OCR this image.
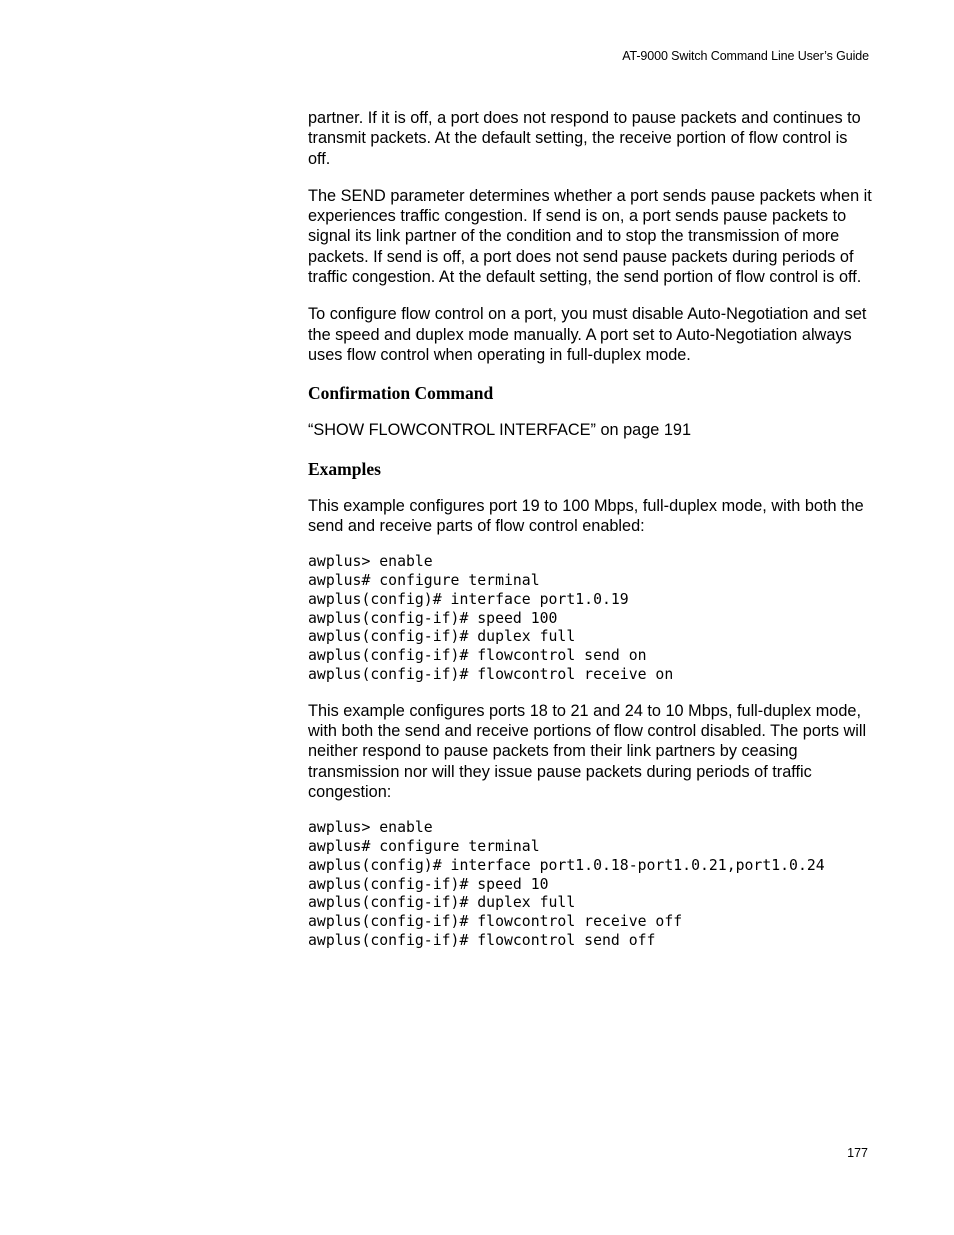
AT-9000 Switch Command Line User’s Guide

partner. If it is off, a port does not respond to pause packets and continues to transmit packets. At the default setting, the receive portion of flow control is off.

The SEND parameter determines whether a port sends pause packets when it experiences traffic congestion. If send is on, a port sends pause packets to signal its link partner of the condition and to stop the transmission of more packets. If send is off, a port does not send pause packets during periods of traffic congestion. At the default setting, the send portion of flow control is off.

To configure flow control on a port, you must disable Auto-Negotiation and set the speed and duplex mode manually. A port set to Auto-Negotiation always uses flow control when operating in full-duplex mode.

Confirmation Command

“SHOW FLOWCONTROL INTERFACE” on page 191

Examples

This example configures port 19 to 100 Mbps, full-duplex mode, with both the send and receive parts of flow control enabled:

awplus> enable
awplus# configure terminal
awplus(config)# interface port1.0.19
awplus(config-if)# speed 100
awplus(config-if)# duplex full
awplus(config-if)# flowcontrol send on
awplus(config-if)# flowcontrol receive on

This example configures ports 18 to 21 and 24 to 10 Mbps, full-duplex mode, with both the send and receive portions of flow control disabled. The ports will neither respond to pause packets from their link partners by ceasing transmission nor will they issue pause packets during periods of traffic congestion:

awplus> enable
awplus# configure terminal
awplus(config)# interface port1.0.18-port1.0.21,port1.0.24
awplus(config-if)# speed 10
awplus(config-if)# duplex full
awplus(config-if)# flowcontrol receive off
awplus(config-if)# flowcontrol send off
177
